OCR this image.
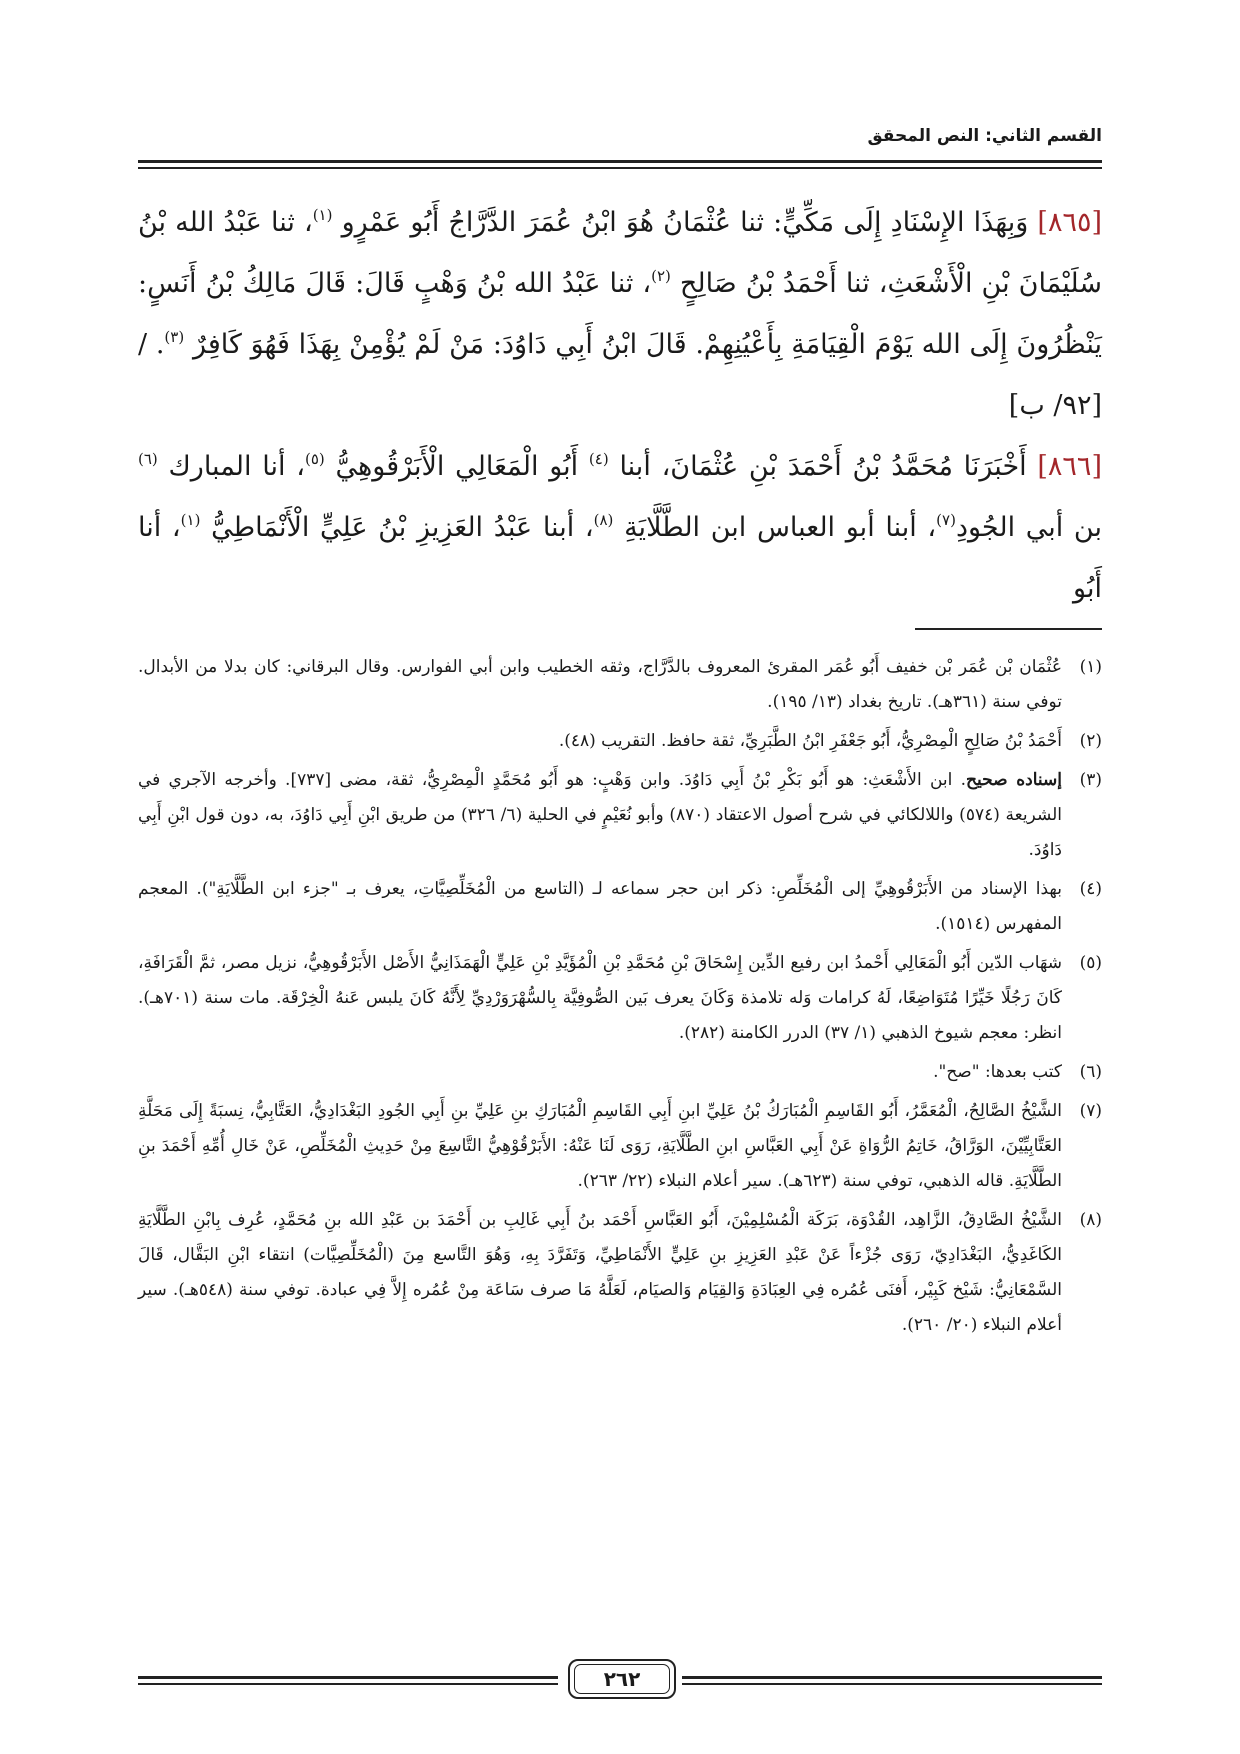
القسم الثاني: النص المحقق

[٨٦٥] وَبِهَذَا الإِسْنَادِ إِلَى مَكِّيٍّ: ثنا عُثْمَانُ هُوَ ابْنُ عُمَرَ الدَّرَّاجُ أَبُو عَمْرٍو $^{(١)}$، ثنا عَبْدُ الله بْنُ سُلَيْمَانَ بْنِ الْأَشْعَثِ، ثنا أَحْمَدُ بْنُ صَالِحٍ $^{(٢)}$، ثنا عَبْدُ الله بْنُ وَهْبٍ قَالَ: قَالَ مَالِكُ بْنُ أَنَسٍ: يَنْظُرُونَ إِلَى الله يَوْمَ الْقِيَامَةِ بِأَعْيُنِهِمْ. قَالَ ابْنُ أَبِي دَاوُدَ: مَنْ لَمْ يُؤْمِنْ بِهَذَا فَهُوَ كَافِرٌ $^{(٣)}$. / [٩٢/ ب]

[٨٦٦] أَخْبَرَنَا مُحَمَّدُ بْنُ أَحْمَدَ بْنِ عُثْمَانَ، أبنا $^{(٤)}$ أَبُو الْمَعَالِي الْأَبَرْقُوهِيُّ $^{(٥)}$، أنا المبارك $^{(٦)}$ بن أبي الجُودِ$^{(٧)}$، أبنا أبو العباس ابن الطَّلَّايَةِ $^{(٨)}$، أبنا عَبْدُ العَزِيزِ بْنُ عَلِيٍّ الْأَنْمَاطِيُّ $^{(١)}$، أنا أَبُو

(١)
عُثْمَان بْن عُمَر بْن خفيف أَبُو عُمَر المقرئ المعروف بالدَّرَّاج، وثقه الخطيب وابن أبي الفوارس. وقال البرقاني: كان بدلا من الأبدال. توفي سنة (٣٦١هـ). تاريخ بغداد (١٣/ ١٩٥).

(٢)
أَحْمَدُ بْنُ صَالِحٍ الْمِصْرِيُّ، أَبُو جَعْفَرِ ابْنُ الطَّبَرِيِّ، ثقة حافظ. التقريب (٤٨).

(٣)
إسناده صحيح. ابن الأَشْعَثِ: هو أَبُو بَكْرِ بْنُ أَبِي دَاوُدَ. وابن وَهْبٍ: هو أَبُو مُحَمَّدٍ الْمِصْرِيُّ، ثقة، مضى [٧٣٧]. وأخرجه الآجري في الشريعة (٥٧٤) واللالكائي في شرح أصول الاعتقاد (٨٧٠) وأبو نُعَيْمٍ في الحلية (٦/ ٣٢٦) من طريق ابْنِ أَبِي دَاوُدَ، به، دون قول ابْنِ أَبِي دَاوُدَ.

(٤)
بهذا الإسناد من الأَبَرْقُوهِيِّ إلى الْمُخَلِّصِ: ذكر ابن حجر سماعه لـ (التاسع من الْمُخَلِّصِيَّاتِ، يعرف بـ "جزء ابن الطَّلَّايَةِ"). المعجم المفهرس (١٥١٤).

(٥)
شهَاب الدّين أَبُو الْمَعَالِي أَحْمدُ ابن رفيع الدِّين إِسْحَاقَ بْنِ مُحَمَّدِ بْنِ الْمُؤَيَّدِ بْنِ عَلِيٍّ الْهَمَذَانِيُّ الأَصْل الأَبَرْقُوهِيُّ، نزيل مصر، ثمَّ الْقَرَافَةِ، كَانَ رَجُلًا خَيِّرًا مُتَوَاضِعًا، لَهُ كرامات وَله تلامذة وَكَانَ يعرف بَين الصُّوفِيَّة بِالسُّهْرَوَرْدِيِّ لِأَنَّهُ كَانَ يلبس عَنهُ الْخِرْقَة. مات سنة (٧٠١هـ). انظر: معجم شيوخ الذهبي (١/ ٣٧) الدرر الكامنة (٢٨٢).

(٦)
كتب بعدها: "صح".

(٧)
الشَّيْخُ الصَّالِحُ، الْمُعَمَّرُ، أَبُو القَاسِمِ الْمُبَارَكُ بْنُ عَلِيِّ ابنِ أَبِي القَاسِمِ الْمُبَارَكِ بنِ عَلِيِّ بنِ أَبِي الجُودِ البَغْدَادِيُّ، العَتَّابِيُّ، نِسبَةً إِلَى مَحَلَّةِ العَتَّابِيِّيْنَ، الوَرَّاقُ، خَاتِمُ الرُّوَاةِ عَنْ أَبِي العَبَّاسِ ابنِ الطَّلَّايَةِ، رَوَى لَنَا عَنْهُ: الأَبَرْقُوْهِيُّ التَّاسِعَ مِنْ حَدِيثِ الْمُخَلِّصِ، عَنْ خَالِ أُمِّهِ أَحْمَدَ بنِ الطَّلَّايَةِ. قاله الذهبي، توفي سنة (٦٢٣هـ). سير أعلام النبلاء (٢٢/ ٢٦٣).

(٨)
الشَّيْخُ الصَّادِقُ، الزَّاهِد، القُدْوَة، بَرَكَة الْمُسْلِمِيْنَ، أَبُو العَبَّاسِ أَحْمَد بنُ أَبِي غَالِبِ بن أَحْمَدَ بن عَبْدِ الله بنِ مُحَمَّدٍ، عُرِف بِابْنِ الطَّلَّايَةِ الكَاغَدِيُّ، البَغْدَادِيّ، رَوَى جُزْءاً عَنْ عَبْدِ العَزِيزِ بنِ عَلِيٍّ الأَنْمَاطِيِّ، وَتَفَرَّدَ بِهِ، وَهُوَ التَّاسع مِنَ (الْمُخَلِّصِيَّات) انتقاء ابْنِ البَقَّال، قَالَ السَّمْعَانِيُّ: شَيْخ كَبِيْر، أَفنَى عُمُره فِي العِبَادَةِ وَالقِيَام وَالصيَام، لَعَلَّهُ مَا صرف سَاعَة مِنْ عُمُره إِلاَّ فِي عبادة. توفي سنة (٥٤٨هـ). سير أعلام النبلاء (٢٠/ ٢٦٠).

٢٦٢
